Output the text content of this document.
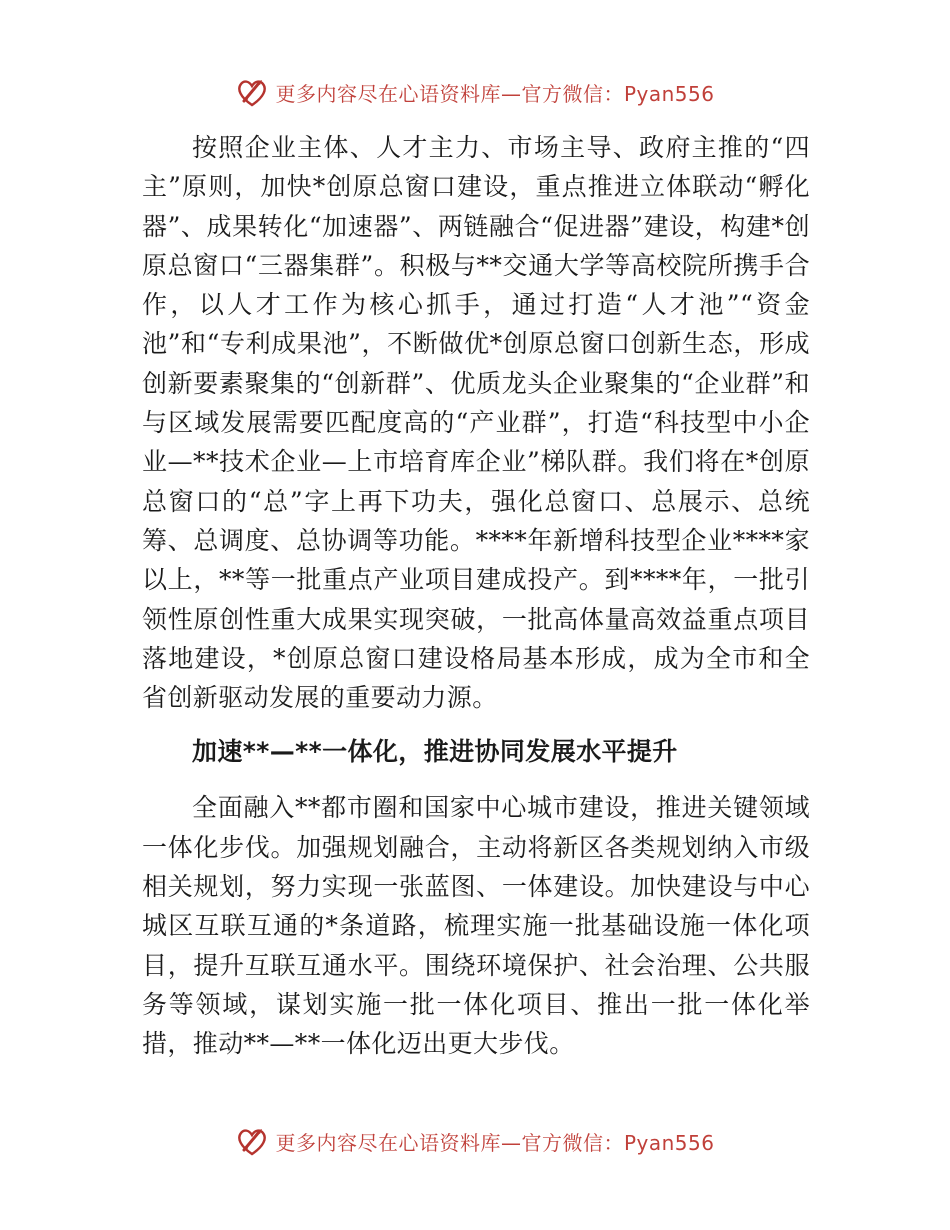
更多内容尽在心语资料库—官方微信：Pyan556

按照企业主体、人才主力、市场主导、政府主推的“四主”原则，加快*创原总窗口建设，重点推进立体联动“孵化器”、成果转化“加速器”、两链融合“促进器”建设，构建*创原总窗口“三器集群”。积极与**交通大学等高校院所携手合作，以人才工作为核心抓手，通过打造“人才池”“资金池”和“专利成果池”，不断做优*创原总窗口创新生态，形成创新要素聚集的“创新群”、优质龙头企业聚集的“企业群”和与区域发展需要匹配度高的“产业群”，打造“科技型中小企业—**技术企业—上市培育库企业”梯队群。我们将在*创原总窗口的“总”字上再下功夫，强化总窗口、总展示、总统筹、总调度、总协调等功能。****年新增科技型企业****家以上，**等一批重点产业项目建成投产。到****年，一批引领性原创性重大成果实现突破，一批高体量高效益重点项目落地建设，*创原总窗口建设格局基本形成，成为全市和全省创新驱动发展的重要动力源。

加速**—**一体化，推进协同发展水平提升

全面融入**都市圈和国家中心城市建设，推进关键领域一体化步伐。加强规划融合，主动将新区各类规划纳入市级相关规划，努力实现一张蓝图、一体建设。加快建设与中心城区互联互通的*条道路，梳理实施一批基础设施一体化项目，提升互联互通水平。围绕环境保护、社会治理、公共服务等领域，谋划实施一批一体化项目、推出一批一体化举措，推动**—**一体化迈出更大步伐。

更多内容尽在心语资料库—官方微信：Pyan556
